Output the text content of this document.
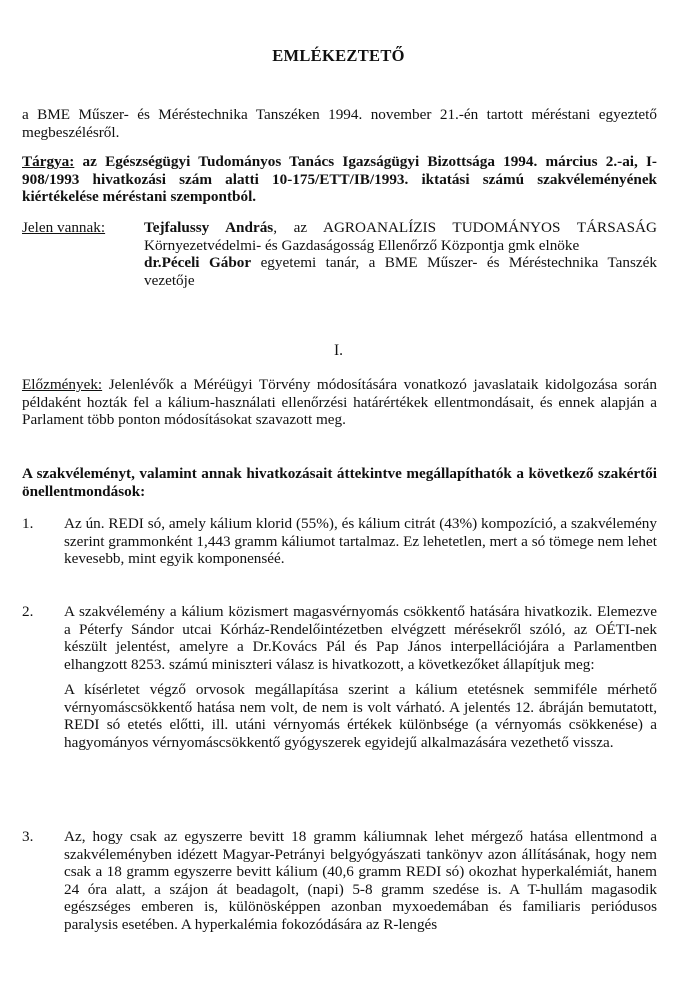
EMLÉKEZTETŐ
a BME Műszer- és Méréstechnika Tanszéken 1994. november 21.-én tartott méréstani egyeztető megbeszélésről.
Tárgya: az Egészségügyi Tudományos Tanács Igazságügyi Bizottsága 1994. március 2.-ai, I-908/1993 hivatkozási szám alatti 10-175/ETT/IB/1993. iktatási számú szakvéleményének kiértékelése méréstani szempontból.
Jelen vannak:	Tejfalussy András, az AGROANALÍZIS TUDOMÁNYOS TÁRSASÁG Környezetvédelmi- és Gazdaságosság Ellenőrző Központja gmk elnöke
dr.Péceli Gábor egyetemi tanár, a BME Műszer- és Méréstechnika Tanszék vezetője
I.
Előzmények: Jelenlévők a Méréügyi Törvény módosítására vonatkozó javaslataik kidolgozása során példaként hozták fel a kálium-használati ellenőrzési határértékek ellentmondásait, és ennek alapján a Parlament több ponton módosításokat szavazott meg.
A szakvéleményt, valamint annak hivatkozásait áttekintve megállapíthatók a következő szakértői önellentmondások:
1.	Az ún. REDI só, amely kálium klorid (55%), és kálium citrát (43%) kompozíció, a szakvélemény szerint grammonként 1,443 gramm káliumot tartalmaz. Ez lehetetlen, mert a só tömege nem lehet kevesebb, mint egyik komponenséé.
2.	A szakvélemény a kálium közismert magasvérnyomás csökkentő hatására hivatkozik. Elemezve a Péterfy Sándor utcai Kórház-Rendelőintézetben elvégzett mérésekről szóló, az OÉTI-nek készült jelentést, amelyre a Dr.Kovács Pál és Pap János interpellációjára a Parlamentben elhangzott 8253. számú miniszteri válasz is hivatkozott, a következőket állapítjuk meg:
A kísérletet végző orvosok megállapítása szerint a kálium etetésnek semmiféle mérhető vérnyomáscsökkentő hatása nem volt, de nem is volt várható. A jelentés 12. ábráján bemutatott, REDI só etetés előtti, ill. utáni vérnyomás értékek különbsége (a vérnyomás csökkenése) a hagyományos vérnyomáscsökkentő gyógyszerek egyidejű alkalmazására vezethető vissza.
3.	Az, hogy csak az egyszerre bevitt 18 gramm káliumnak lehet mérgező hatása ellentmond a szakvéleményben idézett Magyar-Petrányi belgyógyászati tankönyv azon állításának, hogy nem csak a 18 gramm egyszerre bevitt kálium (40,6 gramm REDI só) okozhat hyperkalémiát, hanem 24 óra alatt, a szájon át beadagolt, (napi) 5-8 gramm szedése is. A T-hullám magasodik egészséges emberen is, különösképpen azonban myxoedemában és familiaris periódusos paralysis esetében. A hyperkalémia fokozódására az R-lengés
